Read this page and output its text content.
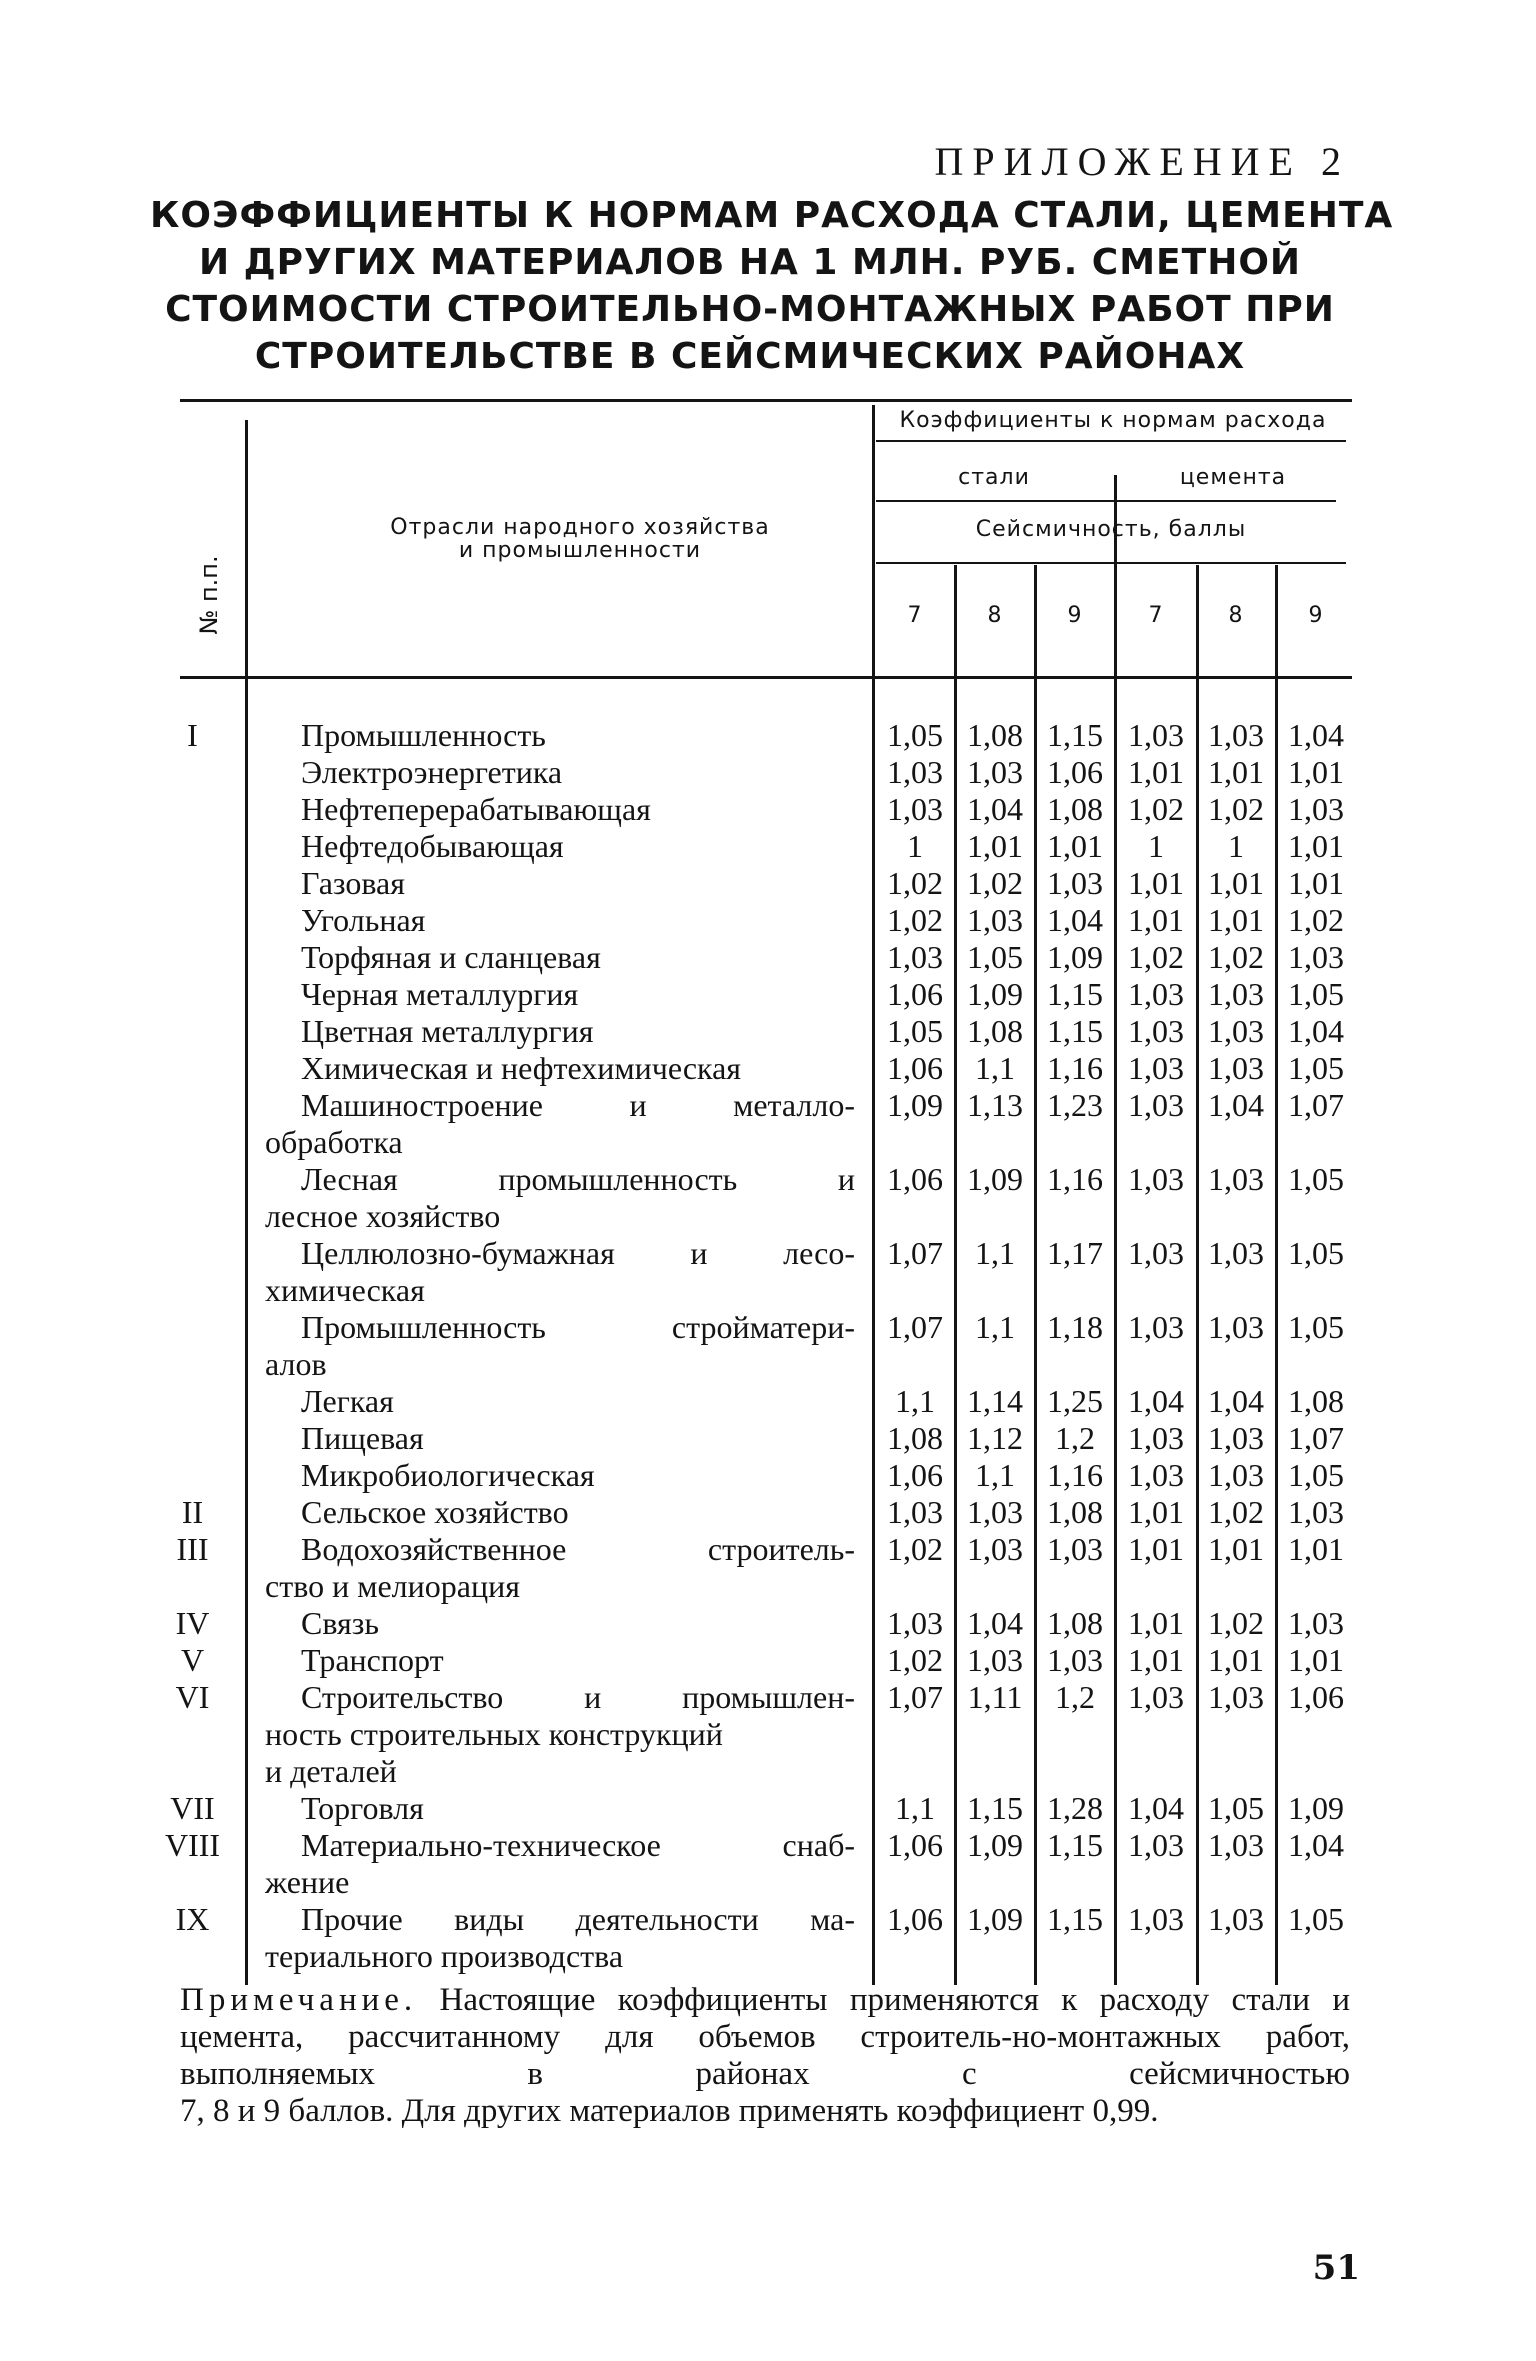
ПРИЛОЖЕНИЕ 2
КОЭФФИЦИЕНТЫ К НОРМАМ РАСХОДА СТАЛИ, ЦЕМЕНТА
И ДРУГИХ МАТЕРИАЛОВ НА 1 МЛН. РУБ. СМЕТНОЙ
СТОИМОСТИ СТРОИТЕЛЬНО-МОНТАЖНЫХ РАБОТ ПРИ
СТРОИТЕЛЬСТВЕ В СЕЙСМИЧЕСКИХ РАЙОНАХ
№ п.п.
Отрасли народного хозяйства
и промышленности
Коэффициенты к нормам расхода
стали	цемента
Сейсмичность, баллы
7	8	9	7	8	9
I	Промышленность	1,05 1,08 1,15 1,03 1,03 1,04
Электроэнергетика	1,03 1,03 1,06 1,01 1,01 1,01
Нефтеперерабатывающая	1,03 1,04 1,08 1,02 1,02 1,03
Нефтедобывающая	1	1,01 1,01	1	1	1,01
Газовая	1,02 1,02 1,03 1,01 1,01 1,01
Угольная	1,02 1,03 1,04 1,01 1,01 1,02
Торфяная и сланцевая	1,03 1,05 1,09 1,02 1,02 1,03
Черная металлургия	1,06 1,09 1,15 1,03 1,03 1,05
Цветная металлургия	1,05 1,08 1,15 1,03 1,03 1,04
Химическая и нефтехимическая	1,06	1,1	1,16 1,03 1,03 1,05
Машиностроение и металло-
обработка
1,09 1,13 1,23 1,03 1,04 1,07
Лесная промышленность и
лесное хозяйство
1,06 1,09 1,16 1,03 1,03 1,05
Целлюлозно-бумажная и лесо-
химическая
1,07	1,1	1,17 1,03 1,03 1,05
Промышленность стройматери-
алов
1,07	1,1	1,18 1,03 1,03 1,05
Легкая	1,1	1,14 1,25 1,04 1,04 1,08
Пищевая	1,08 1,12	1,2	1,03 1,03 1,07
Микробиологическая	1,06	1,1	1,16 1,03 1,03 1,05
II	Сельское хозяйство	1,03 1,03 1,08 1,01 1,02 1,03
III	Водохозяйственное строитель-
ство и мелиорация
1,02 1,03 1,03 1,01 1,01 1,01
IV	Связь	1,03 1,04 1,08 1,01 1,02 1,03
V	Транспорт	1,02 1,03 1,03 1,01 1,01 1,01
VI	Строительство и промышлен-
ность строительных конструкций
и деталей
1,07 1,11	1,2	1,03 1,03 1,06
VII	Торговля	1,1	1,15 1,28 1,04 1,05 1,09
VIII	Материально-техническое снаб-
жение
1,06 1,09 1,15 1,03 1,03 1,04
IX	Прочие виды деятельности ма-
териального производства
1,06 1,09 1,15 1,03 1,03 1,05
Примечание. Настоящие коэффициенты применяются к расходу стали и цемента, рассчитанному для объемов строитель-но-монтажных работ, выполняемых в районах с сейсмичностью
7, 8 и 9 баллов. Для других материалов применять коэффициент 0,99.
51
